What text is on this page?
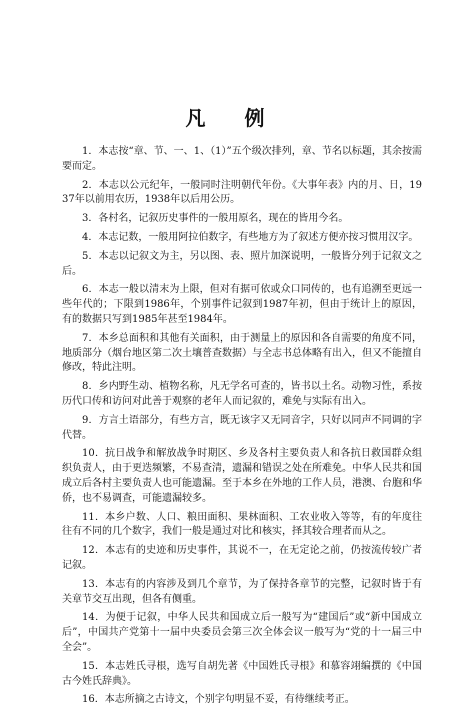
凡 例

1．本志按“章、节、一、1、（1）”五个级次排列，章、节名以标题，其余按需要而定。

2．本志以公元纪年，一般同时注明朝代年份。《大事年表》内的月、日，1937年以前用农历，1938年以后用公历。

3．各村名，记叙历史事件的一般用原名，现在的皆用今名。

4．本志记数，一般用阿拉伯数字，有些地方为了叙述方便亦按习惯用汉字。

5．本志以记叙文为主，另以图、表、照片加深说明，一般皆分列于记叙文之后。

6．本志一般以清末为上限，但对有据可依或众口同传的，也有追溯至更远一些年代的；下限到1986年，个别事件记叙到1987年初，但由于统计上的原因，有的数据只写到1985年甚至1984年。

7．本乡总面积和其他有关面积，由于测量上的原因和各自需要的角度不同，地质部分（烟台地区第二次土壤普查数据）与全志书总体略有出入，但又不能擅自修改，特此注明。

8．乡内野生动、植物名称，凡无学名可查的，皆书以土名。动物习性，系按历代口传和访问对此善于观察的老年人而记叙的，难免与实际有出入。

9．方言土语部分，有些方言，既无该字又无同音字，只好以同声不同调的字代替。

10．抗日战争和解放战争时期区、乡及各村主要负责人和各抗日救国群众组织负责人，由于更迭频繁，不易查清，遗漏和错误之处在所难免。中华人民共和国成立后各村主要负责人也可能遗漏。至于本乡在外地的工作人员，港澳、台胞和华侨，也不易调查，可能遗漏较多。

11．本乡户数、人口、粮田面积、果林面积、工农业收入等等，有的年度往往有不同的几个数字，我们一般是通过对比和核实，择其较合理者而从之。

12．本志有的史迹和历史事件，其说不一，在无定论之前，仍按流传较广者记叙。

13．本志有的内容涉及到几个章节，为了保持各章节的完整，记叙时皆于有关章节交互出现，但各有侧重。

14．为便于记叙，中华人民共和国成立后一般写为“建国后”或“新中国成立后”，中国共产党第十一届中央委员会第三次全体会议一般写为“党的十一届三中全会”。

15．本志姓氏寻根，选写自胡先著《中国姓氏寻根》和慕容翊编撰的《中国古今姓氏辞典》。

16．本志所摘之古诗文，个别字句明显不妥，有待继续考正。
